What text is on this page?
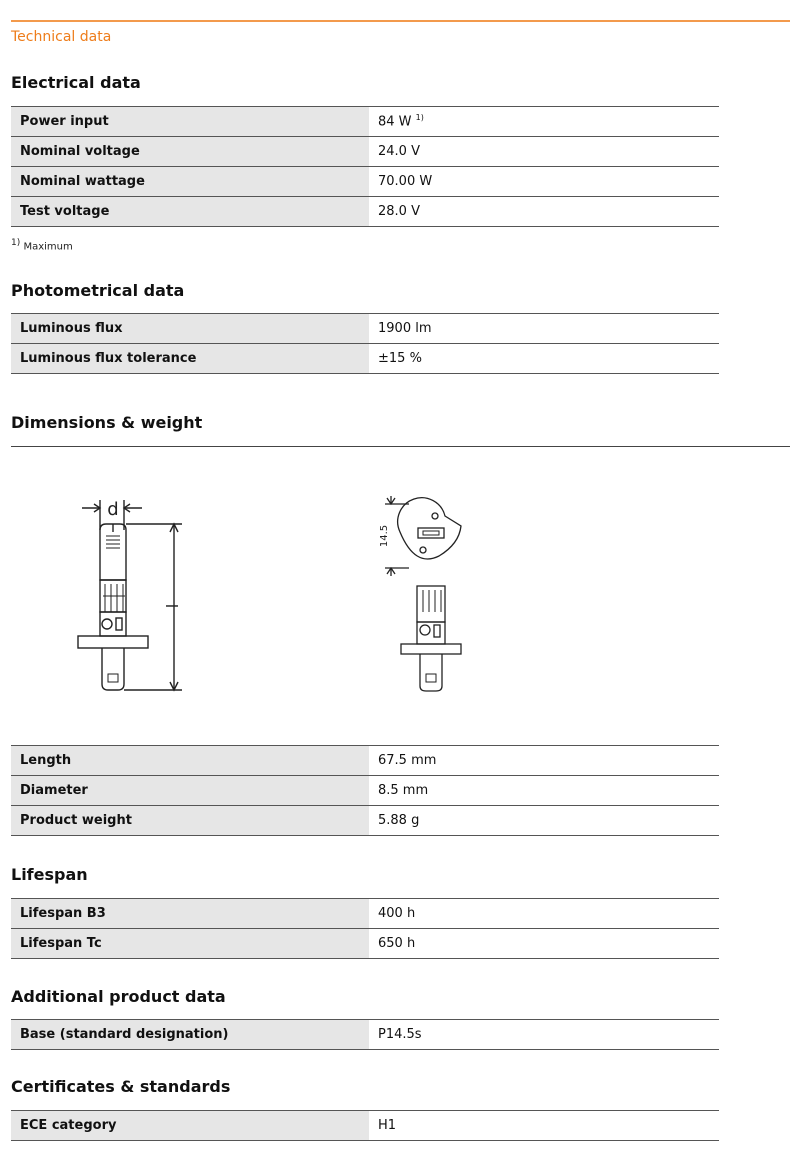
Technical data
Electrical data
Power input	84 W $^{1)}$
Nominal voltage	24.0 V
Nominal wattage	70.00 W
Test voltage	28.0 V
$^{1)}$ Maximum
Photometrical data
Luminous flux	1900 lm
Luminous flux tolerance	±15 %
Dimensions & weight
d
l
14.5
Length	67.5 mm
Diameter	8.5 mm
Product weight	5.88 g
Lifespan
Lifespan B3	400 h
Lifespan Tc	650 h
Additional product data
Base (standard designation)	P14.5s
Certificates & standards
ECE category	H1
